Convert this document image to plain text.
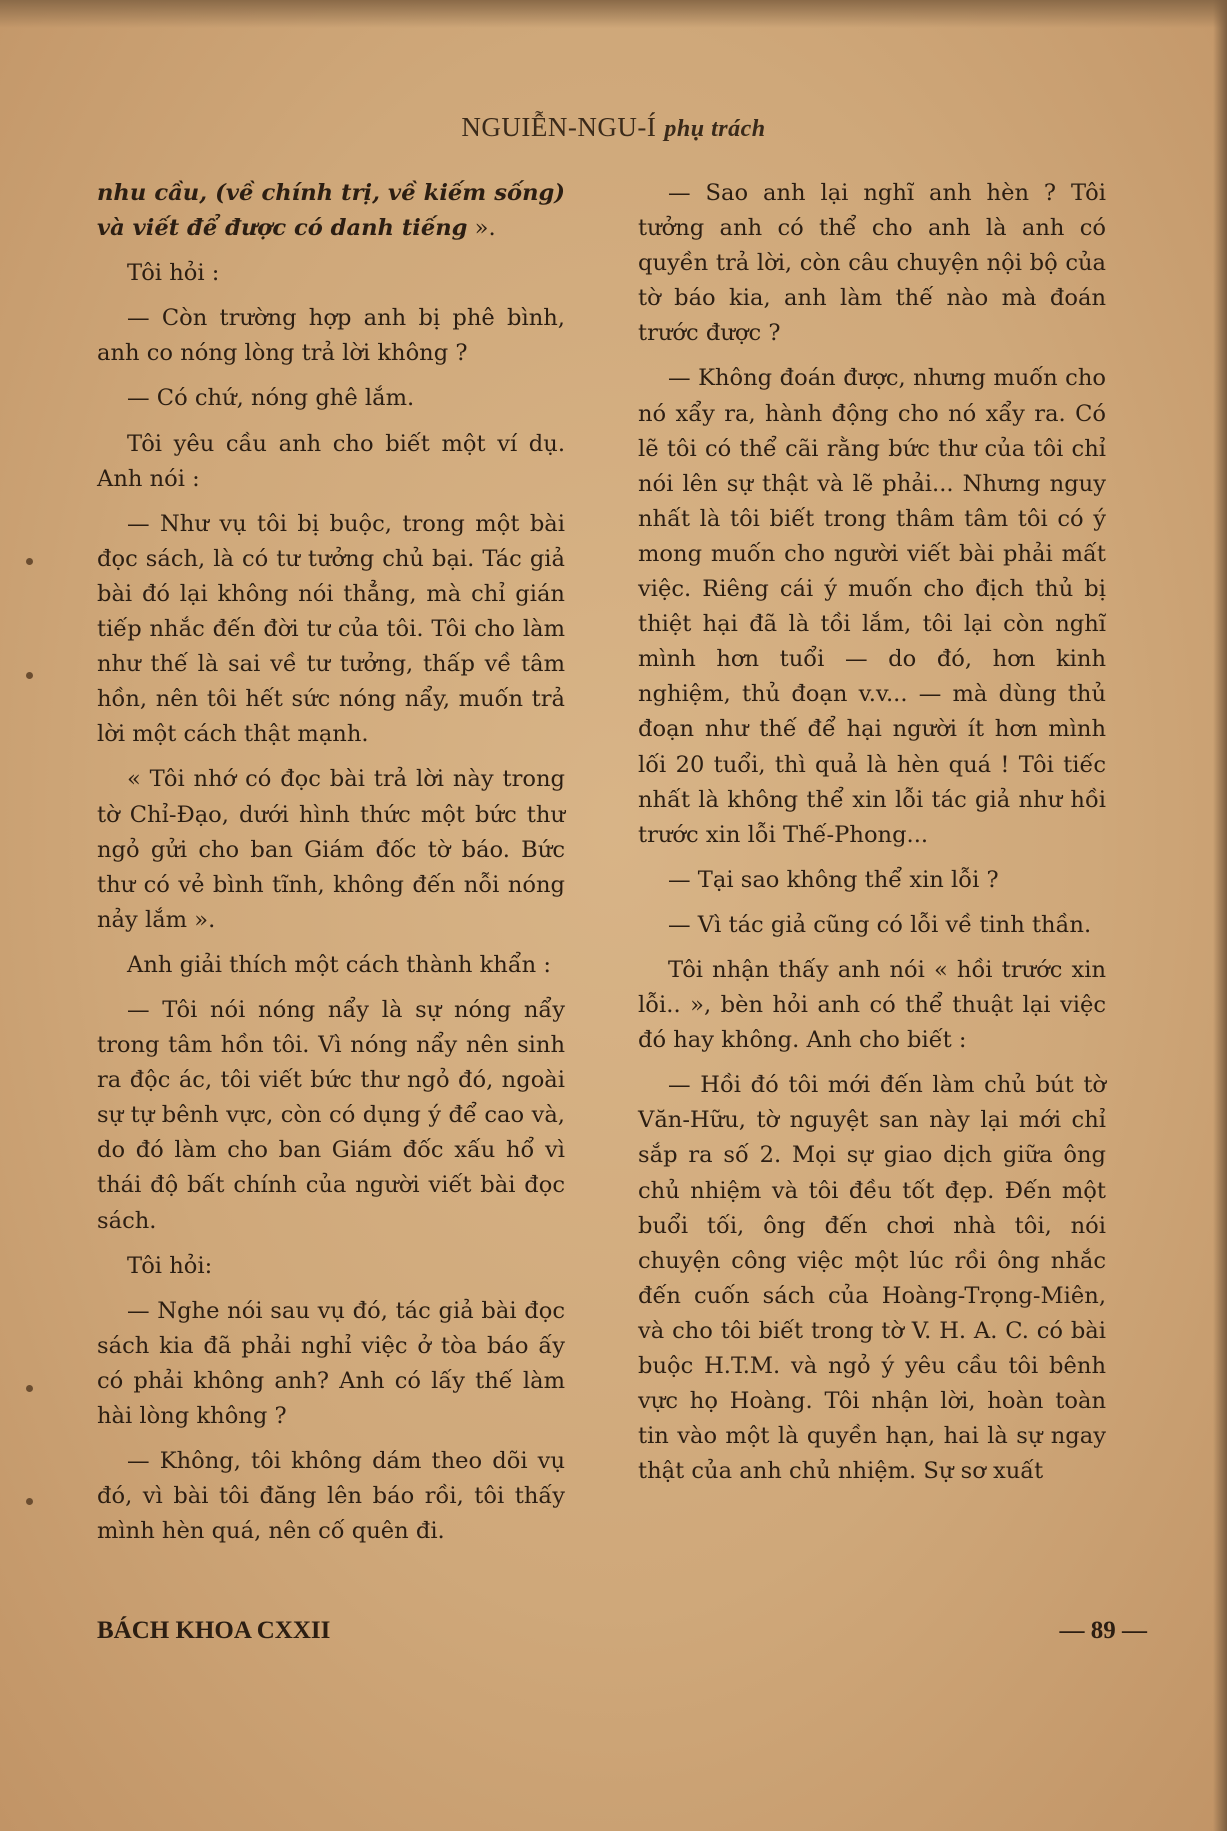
NGUIỄN-NGU-Í phụ trách

nhu cầu, (về chính trị, về kiếm sống) và viết để được có danh tiếng ».

Tôi hỏi :

— Còn trường hợp anh bị phê bình, anh co nóng lòng trả lời không ?

— Có chứ, nóng ghê lắm.

Tôi yêu cầu anh cho biết một ví dụ. Anh nói :

— Như vụ tôi bị buộc, trong một bài đọc sách, là có tư tưởng chủ bại. Tác giả bài đó lại không nói thẳng, mà chỉ gián tiếp nhắc đến đời tư của tôi. Tôi cho làm như thế là sai về tư tưởng, thấp về tâm hồn, nên tôi hết sức nóng nẩy, muốn trả lời một cách thật mạnh.

« Tôi nhớ có đọc bài trả lời này trong tờ Chỉ-Đạo, dưới hình thức một bức thư ngỏ gửi cho ban Giám đốc tờ báo. Bức thư có vẻ bình tĩnh, không đến nỗi nóng nảy lắm ».

Anh giải thích một cách thành khẩn :

— Tôi nói nóng nẩy là sự nóng nẩy trong tâm hồn tôi. Vì nóng nẩy nên sinh ra độc ác, tôi viết bức thư ngỏ đó, ngoài sự tự bênh vực, còn có dụng ý để cao và, do đó làm cho ban Giám đốc xấu hổ vì thái độ bất chính của người viết bài đọc sách.

Tôi hỏi:

— Nghe nói sau vụ đó, tác giả bài đọc sách kia đã phải nghỉ việc ở tòa báo ấy có phải không anh? Anh có lấy thế làm hài lòng không ?

— Không, tôi không dám theo dõi vụ đó, vì bài tôi đăng lên báo rồi, tôi thấy mình hèn quá, nên cố quên đi.

— Sao anh lại nghĩ anh hèn ? Tôi tưởng anh có thể cho anh là anh có quyền trả lời, còn câu chuyện nội bộ của tờ báo kia, anh làm thế nào mà đoán trước được ?

— Không đoán được, nhưng muốn cho nó xẩy ra, hành động cho nó xẩy ra. Có lẽ tôi có thể cãi rằng bức thư của tôi chỉ nói lên sự thật và lẽ phải... Nhưng nguy nhất là tôi biết trong thâm tâm tôi có ý mong muốn cho người viết bài phải mất việc. Riêng cái ý muốn cho địch thủ bị thiệt hại đã là tồi lắm, tôi lại còn nghĩ mình hơn tuổi — do đó, hơn kinh nghiệm, thủ đoạn v.v... — mà dùng thủ đoạn như thế để hại người ít hơn mình lối 20 tuổi, thì quả là hèn quá ! Tôi tiếc nhất là không thể xin lỗi tác giả như hồi trước xin lỗi Thế-Phong...

— Tại sao không thể xin lỗi ?

— Vì tác giả cũng có lỗi về tinh thần.

Tôi nhận thấy anh nói « hồi trước xin lỗi.. », bèn hỏi anh có thể thuật lại việc đó hay không. Anh cho biết :

— Hồi đó tôi mới đến làm chủ bút tờ Văn-Hữu, tờ nguyệt san này lại mới chỉ sắp ra số 2. Mọi sự giao dịch giữa ông chủ nhiệm và tôi đều tốt đẹp. Đến một buổi tối, ông đến chơi nhà tôi, nói chuyện công việc một lúc rồi ông nhắc đến cuốn sách của Hoàng-Trọng-Miên, và cho tôi biết trong tờ V. H. A. C. có bài buộc H.T.M. và ngỏ ý yêu cầu tôi bênh vực họ Hoàng. Tôi nhận lời, hoàn toàn tin vào một là quyền hạn, hai là sự ngay thật của anh chủ nhiệm. Sự sơ xuất

BÁCH KHOA CXXII	— 89 —
